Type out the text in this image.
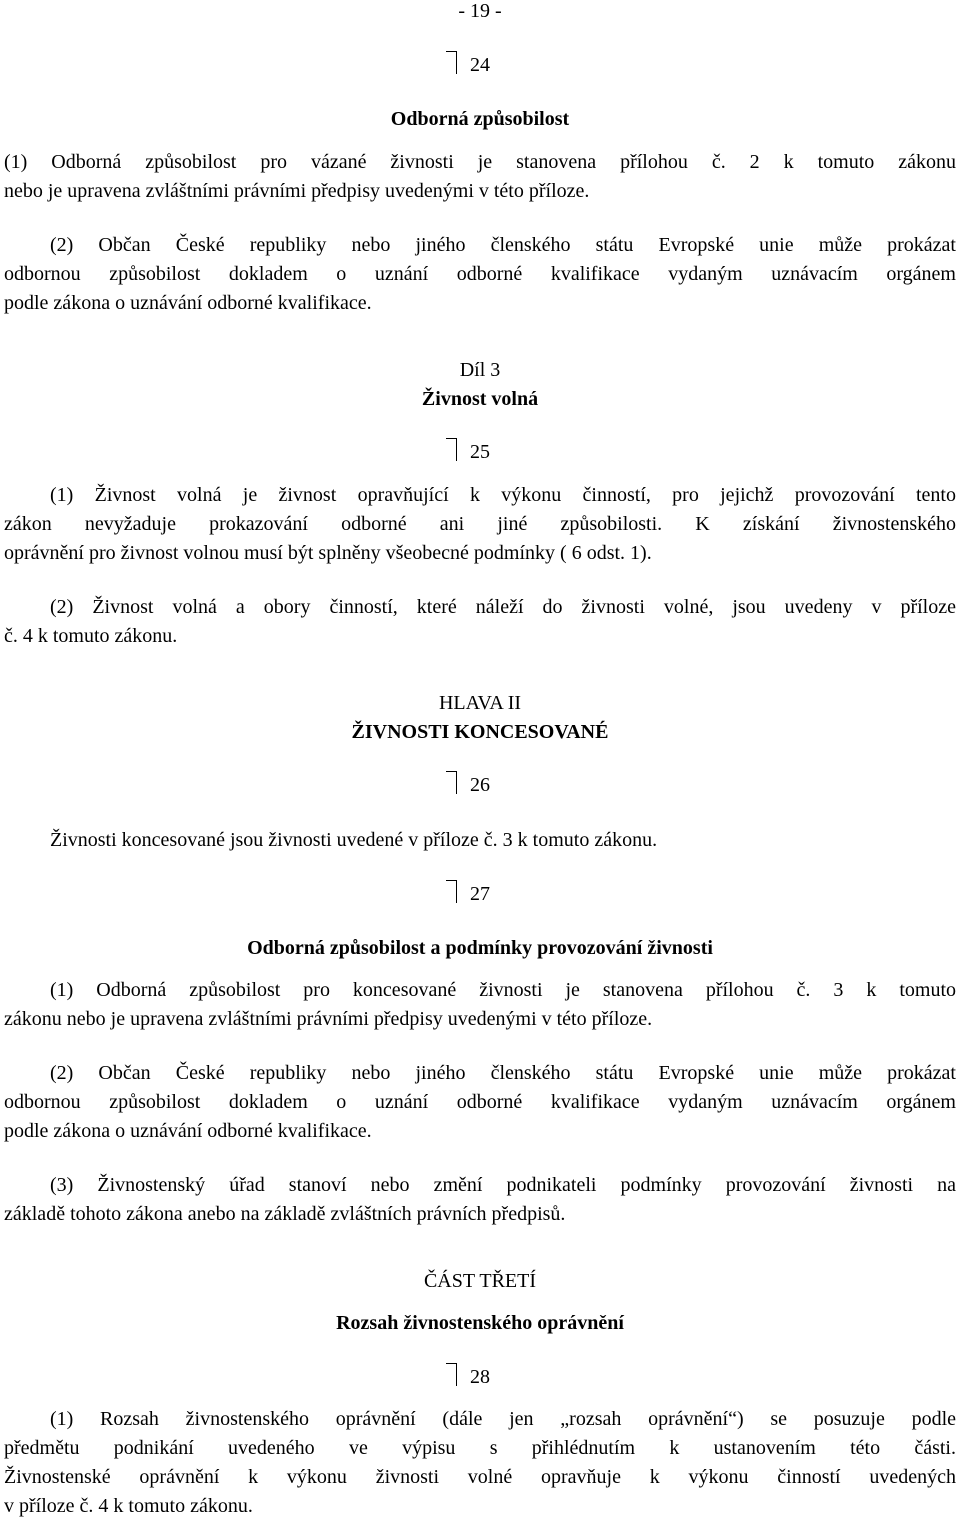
- 19 -
24
Odborná způsobilost
(1) Odborná způsobilost pro vázané živnosti je stanovena přílohou č. 2 k tomuto zákonu
nebo je upravena zvláštními právními předpisy uvedenými v této příloze.
(2) Občan České republiky nebo jiného členského státu Evropské unie může prokázat
odbornou způsobilost dokladem o uznání odborné kvalifikace vydaným uznávacím orgánem
podle zákona o uznávání odborné kvalifikace.
Díl 3
Živnost volná
25
(1) Živnost volná je živnost opravňující k výkonu činností, pro jejichž provozování tento
zákon nevyžaduje prokazování odborné ani jiné způsobilosti. K získání živnostenského
oprávnění pro živnost volnou musí být splněny všeobecné podmínky ( 6 odst. 1).
(2) Živnost volná a obory činností, které náleží do živnosti volné, jsou uvedeny v příloze
č. 4 k tomuto zákonu.
HLAVA II
ŽIVNOSTI KONCESOVANÉ
26
Živnosti koncesované jsou živnosti uvedené v příloze č. 3 k tomuto zákonu.
27
Odborná způsobilost a podmínky provozování živnosti
(1) Odborná způsobilost pro koncesované živnosti je stanovena přílohou č. 3 k tomuto
zákonu nebo je upravena zvláštními právními předpisy uvedenými v této příloze.
(2) Občan České republiky nebo jiného členského státu Evropské unie může prokázat
odbornou způsobilost dokladem o uznání odborné kvalifikace vydaným uznávacím orgánem
podle zákona o uznávání odborné kvalifikace.
(3) Živnostenský úřad stanoví nebo změní podnikateli podmínky provozování živnosti na
základě tohoto zákona anebo na základě zvláštních právních předpisů.
ČÁST TŘETÍ
Rozsah živnostenského oprávnění
28
(1) Rozsah živnostenského oprávnění (dále jen „rozsah oprávnění“) se posuzuje podle
předmětu podnikání uvedeného ve výpisu s přihlédnutím k ustanovením této části.
Živnostenské oprávnění k výkonu živnosti volné opravňuje k výkonu činností uvedených
v příloze č. 4 k tomuto zákonu.
